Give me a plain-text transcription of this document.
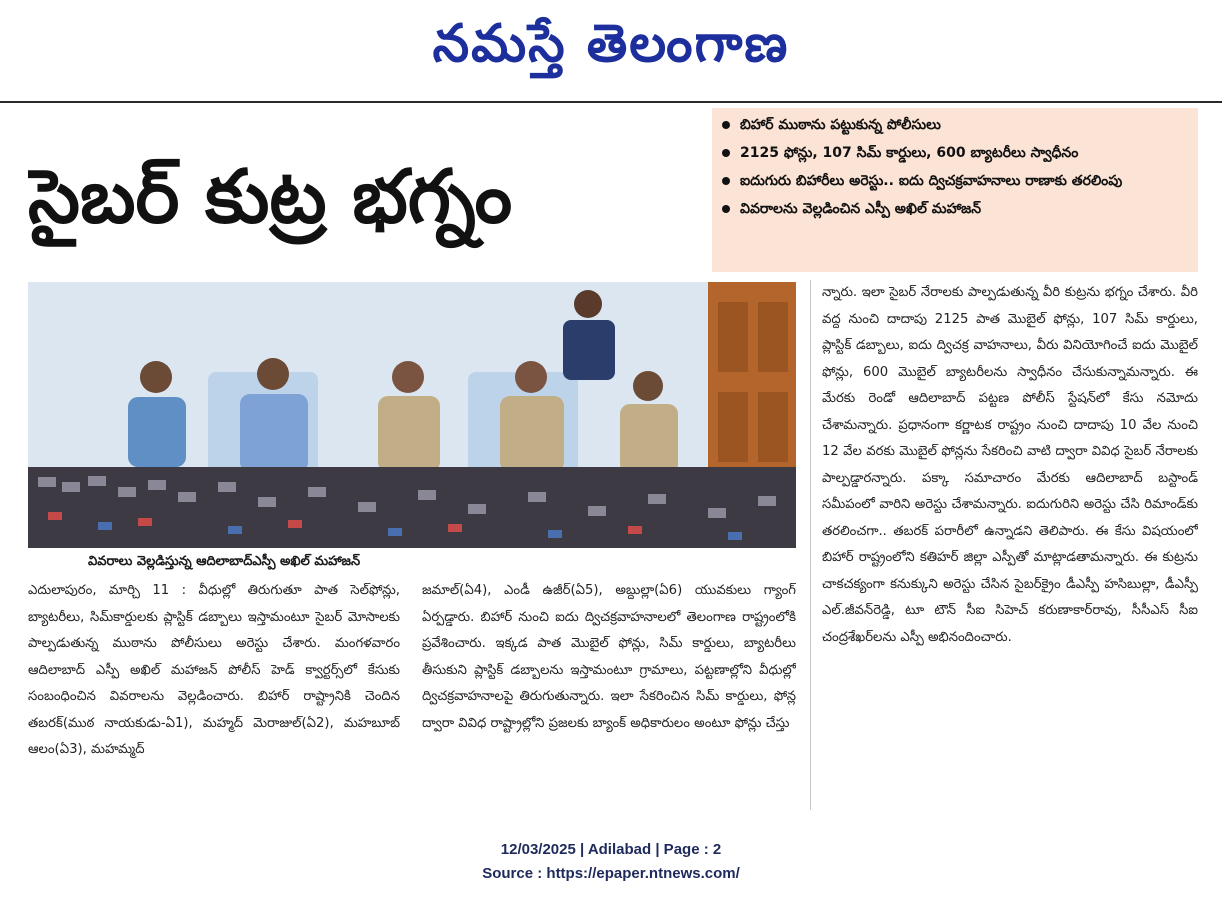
నమస్తే తెలంగాణ
సైబర్ కుట్ర భగ్నం
బిహార్ ముఠాను పట్టుకున్న పోలీసులు
2125 ఫోన్లు, 107 సిమ్ కార్డులు, 600 బ్యాటరీలు స్వాధీనం
ఐదుగురు బిహారీలు అరెస్టు.. ఐదు ద్విచక్రవాహనాలు రాణాకు తరలింపు
వివరాలను వెల్లడించిన ఎస్పీ అఖిల్ మహాజన్
వివరాలు వెల్లడిస్తున్న ఆదిలాబాద్‌ఎస్పీ అఖిల్ మహాజన్

ఎదులాపురం, మార్చి 11 : వీధుల్లో తిరుగుతూ పాత సెల్‌ఫోన్లు, బ్యాటరీలు, సిమ్‌కార్డులకు ప్లాస్టిక్ డబ్బాలు ఇస్తామంటూ సైబర్ మోసాలకు పాల్పడుతున్న ముఠాను పోలీసులు అరెస్టు చేశారు. మంగళవారం ఆదిలాబాద్ ఎస్పీ అఖిల్ మహాజన్ పోలీస్ హెడ్ క్వార్టర్స్‌లో కేసుకు సంబంధించిన వివరాలను వెల్లడించారు. బిహార్ రాష్ట్రానికి చెందిన తబరక్(ముఠ నాయకుడు-ఏ1), మహ్మద్ మెరాజుల్(ఏ2), మహబూబ్ ఆలం(ఏ3), మహమ్మద్

జమాల్(ఏ4), ఎండీ ఉజీర్(ఏ5), అబ్దుల్లా(ఏ6) యువకులు గ్యాంగ్ ఏర్పడ్డారు. బిహార్ నుంచి ఐదు ద్విచక్రవాహనాలలో తెలంగాణ రాష్ట్రంలోకి ప్రవేశించారు. ఇక్కడ పాత మొబైల్ ఫోన్లు, సిమ్ కార్డులు, బ్యాటరీలు తీసుకుని ప్లాస్టిక్ డబ్బాలను ఇస్తామంటూ గ్రామాలు, పట్టణాల్లోని వీధుల్లో ద్విచక్రవాహనాలపై తిరుగుతున్నారు. ఇలా సేకరించిన సిమ్ కార్డులు, ఫోన్ల ద్వారా వివిధ రాష్ట్రాల్లోని ప్రజలకు బ్యాంక్ అధికారులం అంటూ ఫోన్లు చేస్తు

న్నారు. ఇలా సైబర్ నేరాలకు పాల్పడుతున్న వీరి కుట్రను భగ్నం చేశారు. వీరి వద్ద నుంచి దాదాపు 2125 పాత మొబైల్ ఫోన్లు, 107 సిమ్ కార్డులు, ప్లాస్టిక్ డబ్బాలు, ఐదు ద్విచక్ర వాహనాలు, వీరు వినియోగించే ఐదు మొబైల్ ఫోన్లు, 600 మొబైల్ బ్యాటరీలను స్వాధీనం చేసుకున్నామన్నారు. ఈ మేరకు రెండో ఆదిలాబాద్ పట్టణ పోలీస్ స్టేషన్‌లో కేసు నమోదు చేశామన్నారు. ప్రధానంగా కర్ణాటక రాష్ట్రం నుంచి దాదాపు 10 వేల నుంచి 12 వేల వరకు మొబైల్ ఫోన్లను సేకరించి వాటి ద్వారా వివిధ సైబర్ నేరాలకు పాల్పడ్డారన్నారు. పక్కా సమాచారం మేరకు ఆదిలాబాద్ బస్టాండ్ సమీపంలో వారిని అరెస్టు చేశామన్నారు. ఐదుగురిని అరెస్టు చేసి రిమాండ్‌కు తరలించగా.. తబరక్ పరారీలో ఉన్నాడని తెలిపారు. ఈ కేసు విషయంలో బిహార్ రాష్ట్రంలోని కతిహర్ జిల్లా ఎస్పీతో మాట్లాడతామన్నారు. ఈ కుట్రను చాకచక్యంగా కనుక్కుని అరెస్టు చేసిన సైబర్‌క్రైం డీఎస్పీ హసిబుల్లా, డీఎస్పీ ఎల్.జీవన్‌రెడ్డి, టూ టౌన్ సీఐ సిహెచ్ కరుణాకార్‌రావు, సీసీఎస్ సీఐ చంద్రశేఖర్‌లను ఎస్పీ అభినందించారు.

12/03/2025 | Adilabad | Page : 2
Source : https://epaper.ntnews.com/
